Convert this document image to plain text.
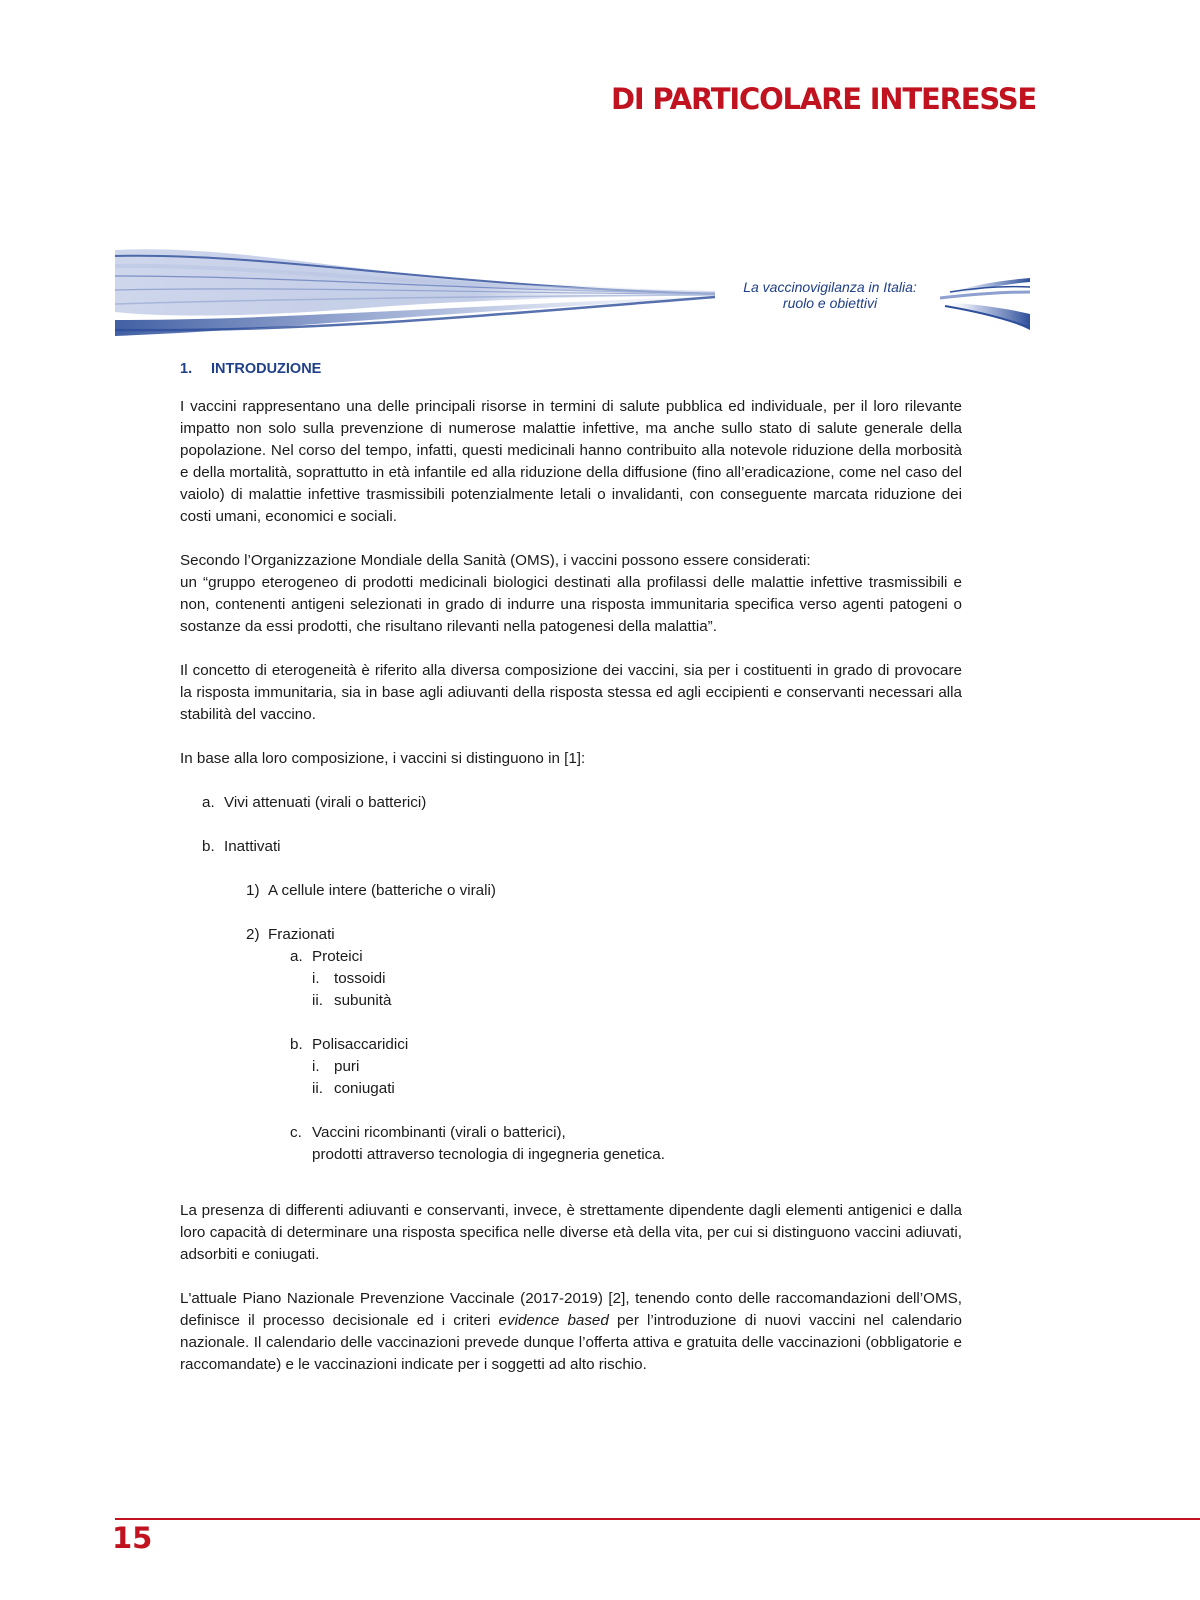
DI PARTICOLARE INTERESSE
La vaccinovigilanza in Italia:
ruolo e obiettivi
1. INTRODUZIONE

I vaccini rappresentano una delle principali risorse in termini di salute pubblica ed individuale, per il loro rilevante impatto non solo sulla prevenzione di numerose malattie infettive, ma anche sullo stato di salute generale della popolazione. Nel corso del tempo, infatti, questi medicinali hanno contribuito alla notevole riduzione della morbosità e della mortalità, soprattutto in età infantile ed alla riduzione della diffusione (fino all’eradicazione, come nel caso del vaiolo) di malattie infettive trasmissibili potenzialmente letali o invalidanti, con conseguente marcata riduzione dei costi umani, economici e sociali.

Secondo l’Organizzazione Mondiale della Sanità (OMS), i vaccini possono essere considerati:

un “gruppo eterogeneo di prodotti medicinali biologici destinati alla profilassi delle malattie infettive trasmissibili e non, contenenti antigeni selezionati in grado di indurre una risposta immunitaria specifica verso agenti patogeni o sostanze da essi prodotti, che risultano rilevanti nella patogenesi della malattia”.

Il concetto di eterogeneità è riferito alla diversa composizione dei vaccini, sia per i costituenti in grado di provocare la risposta immunitaria, sia in base agli adiuvanti della risposta stessa ed agli eccipienti e conservanti necessari alla stabilità del vaccino.

In base alla loro composizione, i vaccini si distinguono in [1]:

a. Vivi attenuati (virali o batterici)
b. Inattivati
1) A cellule intere (batteriche o virali)
2) Frazionati
a. Proteici
i. tossoidi
ii. subunità
b. Polisaccaridici
i. puri
ii. coniugati
c. Vaccini ricombinanti (virali o batterici),
prodotti attraverso tecnologia di ingegneria genetica.

La presenza di differenti adiuvanti e conservanti, invece, è strettamente dipendente dagli elementi antigenici e dalla loro capacità di determinare una risposta specifica nelle diverse età della vita, per cui si distinguono vaccini adiuvati, adsorbiti e coniugati.

L'attuale Piano Nazionale Prevenzione Vaccinale (2017-2019) [2], tenendo conto delle raccomandazioni dell’OMS, definisce il processo decisionale ed i criteri evidence based per l’introduzione di nuovi vaccini nel calendario nazionale. Il calendario delle vaccinazioni prevede dunque l’offerta attiva e gratuita delle vaccinazioni (obbligatorie e raccomandate) e le vaccinazioni indicate per i soggetti ad alto rischio.

15
